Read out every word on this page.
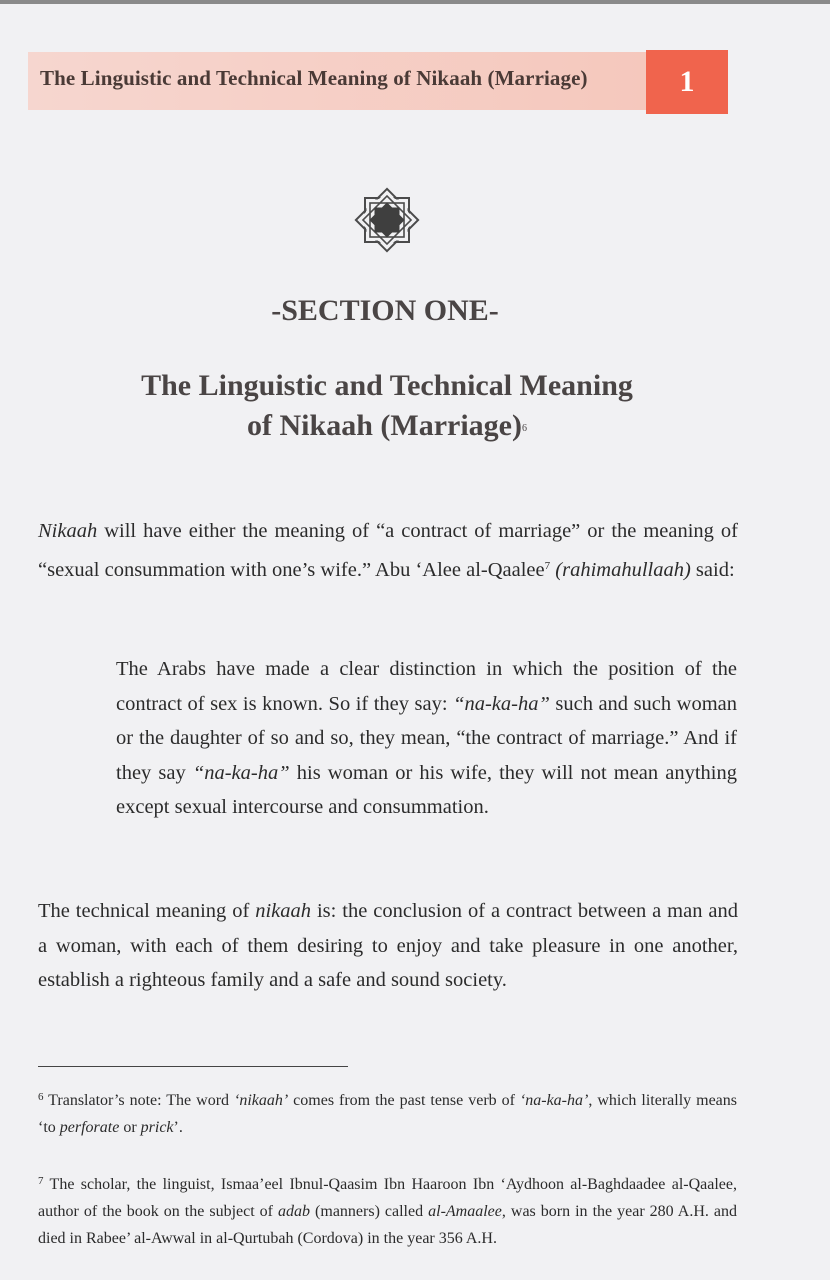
The Linguistic and Technical Meaning of Nikaah (Marriage)	1
-SECTION ONE-
The Linguistic and Technical Meaning
of Nikaah (Marriage)$^6$
Nikaah will have either the meaning of “a contract of marriage” or the meaning of “sexual consummation with one’s wife.” Abu ‘Alee al-Qaalee$^7$ (rahimahullaah) said:
The Arabs have made a clear distinction in which the position of the contract of sex is known. So if they say: “na-ka-ha” such and such woman or the daughter of so and so, they mean, “the contract of marriage.” And if they say “na-ka-ha” his woman or his wife, they will not mean anything except sexual intercourse and consummation.
The technical meaning of nikaah is: the conclusion of a contract between a man and a woman, with each of them desiring to enjoy and take pleasure in one another, establish a righteous family and a safe and sound society.
$^6$ Translator’s note: The word ‘nikaah’ comes from the past tense verb of ‘na-ka-ha’, which literally means ‘to perforate or prick’.
$^7$ The scholar, the linguist, Ismaa’eel Ibnul-Qaasim Ibn Haaroon Ibn ‘Aydhoon al-Baghdaadee al-Qaalee, author of the book on the subject of adab (manners) called al-Amaalee, was born in the year 280 A.H. and died in Rabee’ al-Awwal in al-Qurtubah (Cordova) in the year 356 A.H.
